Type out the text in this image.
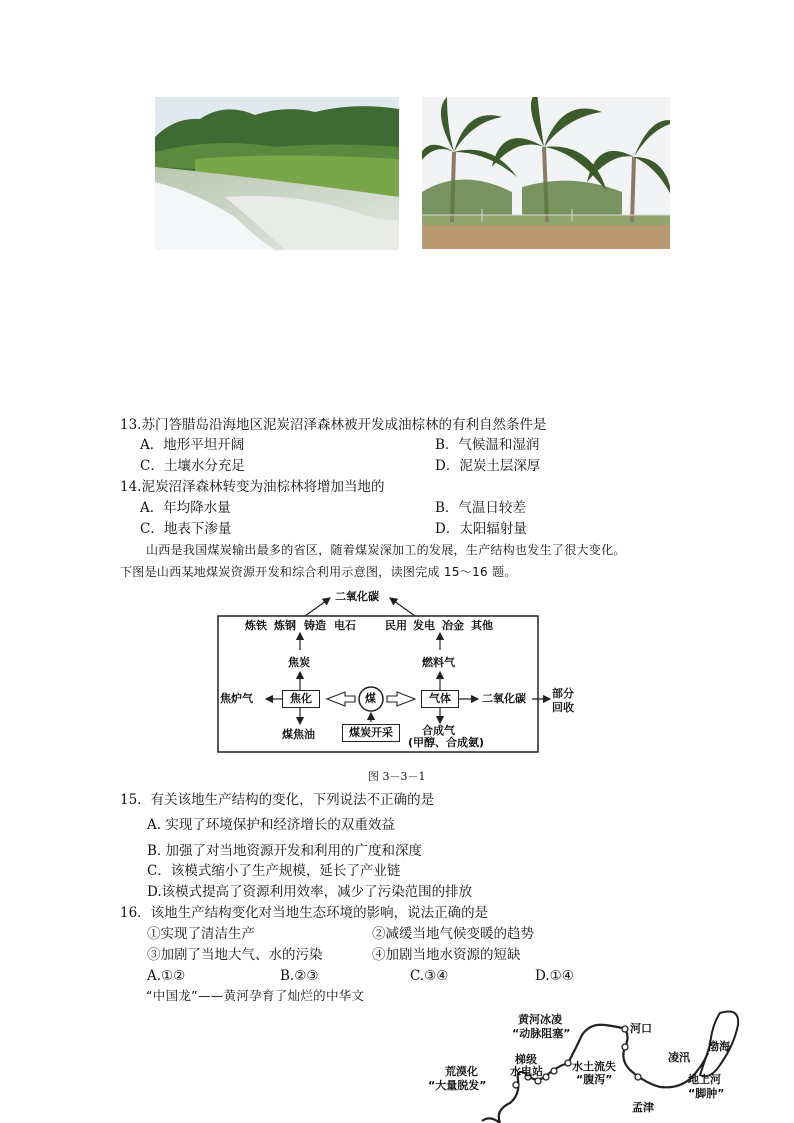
13.苏门答腊岛沿海地区泥炭沼泽森林被开发成油棕林的有利自然条件是
A．地形平坦开阔	B．气候温和湿润
C．土壤水分充足	D．泥炭土层深厚
14.泥炭沼泽森林转变为油棕林将增加当地的
A．年均降水量	B．气温日较差
C．地表下渗量	D．太阳辐射量
山西是我国煤炭输出最多的省区，随着煤炭深加工的发展，生产结构也发生了很大变化。
下图是山西某地煤炭资源开发和综合利用示意图，读图完成 15～16 题。
二氧化碳
炼铁 炼钢 铸造 电石	民用 发电 冶金 其他
焦炭	燃料气
焦炉气	焦化	煤	气体	二氧化碳 部分
回收
煤焦油	煤炭开采	合成气
(甲醇、合成氨)
图 3－3－1
15．有关该地生产结构的变化，下列说法不正确的是
A. 实现了环境保护和经济增长的双重效益
B. 加强了对当地资源开发和利用的广度和深度
C．该模式缩小了生产规模，延长了产业链
D.该模式提高了资源利用效率，减少了污染范围的排放
16．该地生产结构变化对当地生态环境的影响，说法正确的是
①实现了清洁生产	②减缓当地气候变暖的趋势
③加剧了当地大气、水的污染	④加剧当地水资源的短缺
A.①②	B.②③	C.③④	D.①④
“中国龙”——黄河孕育了灿烂的中华文
黄河冰凌
“动脉阻塞”	河口
渤海
凌汛
梯级
水电站	水土流失
“腹泻”
荒漠化
“大量脱发”	地上河
“脚肿”
孟津
